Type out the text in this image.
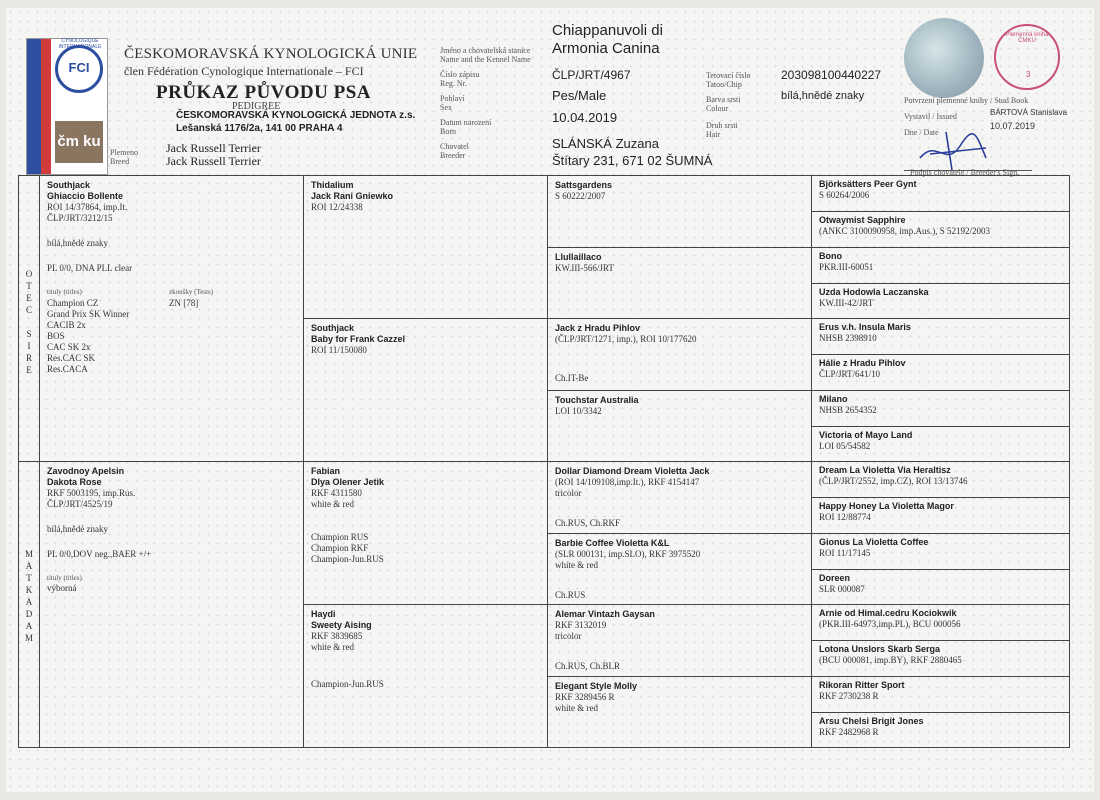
CYNOLOGIQUE INTERNATIONALE
FCI
čm ku
ČESKOMORAVSKÁ KYNOLOGICKÁ UNIE
člen Fédération Cynologique Internationale – FCI
PRŮKAZ PŮVODU PSA
PEDIGREE
ČESKOMORAVSKÁ KYNOLOGICKÁ JEDNOTA z.s.
Lešanská 1176/2a, 141 00 PRAHA 4
Plemeno
Breed
Jack Russell Terrier
Jack Russell Terrier
Jméno a chovatelská stanice
Name and the Kennel Name
Číslo zápisu
Reg. Nr.
Pohlaví
Sex
Datum narození
Born
Chovatel
Breeder
Chiappanuvoli di
Armonia Canina
ČLP/JRT/4967
Pes/Male
10.04.2019
SLÁNSKÁ Zuzana
Štítary 231, 671 02 ŠUMNÁ
Tetovací číslo
Tatoo/Chip
Barva srsti
Colour
Druh srsti
Hair
203098100440227
bílá,hnědé znaky
Plemenná kniha ČMKU
3
Potvrzení plemenné knihy / Stud Book
Vystavil / Issued	BÁRTOVÁ Stanislava
10.07.2019
Dne / Date
Podpis chovatele / Breeder's Sign.
O
T
E
C
S
I
R
E
M
A
T
K
A
D
A
M
Southjack
Ghiaccio Bollente
ROI 14/37864, imp.It.
ČLP/JRT/3212/15
bílá,hnědé znaky
PL 0/0, DNA PLL clear
tituly (titles)	zkoušky (Tests)
ZN [78]
Champion CZ
Grand Prix SK Winner
CACIB 2x
BOS
CAC SK 2x
Res.CAC SK
Res.CACA
Zavodnoy Apelsin
Dakota Rose
RKF 5003195, imp.Rus.
ČLP/JRT/4525/19
bílá,hnědé znaky
PL 0/0,DOV neg.,BAER +/+
tituly (titles)
výborná
Thidalium
Jack Rani Gniewko
ROI 12/24338
Southjack
Baby for Frank Cazzel
ROI 11/150080
Fabian
Dlya Olener Jetik
RKF 4311580
white & red
Champion RUS
Champion RKF
Champion-Jun.RUS
Haydi
Sweety Aising
RKF 3839685
white & red
Champion-Jun.RUS
Sattsgardens
S 60222/2007
Llullaillaco
KW.III-566/JRT
Jack z Hradu Pihlov
(ČLP/JRT/1271, imp.), ROI 10/177620
Ch.IT-Be
Touchstar Australia
LOI 10/3342
Dollar Diamond Dream Violetta Jack
(ROI 14/109108,imp.It.), RKF 4154147
tricolor
Ch.RUS, Ch.RKF
Barbie Coffee Violetta K&L
(SLR 000131, imp.SLO), RKF 3975520
white & red
Ch.RUS
Alemar Vintazh Gaysan
RKF 3132019
tricolor
Ch.RUS, Ch.BLR
Elegant Style Molly
RKF 3289456 R
white & red
Björksätters Peer Gynt
S 60264/2006
Otwaymist Sapphire
(ANKC 3100090958, imp.Aus.), S 52192/2003
Bono
PKR.III-60051
Uzda Hodowla Laczanska
KW.III-42/JRT
Erus v.h. Insula Maris
NHSB 2398910
Hálie z Hradu Pihlov
ČLP/JRT/641/10
Milano
NHSB 2654352
Victoria of Mayo Land
LOI 05/54582
Dream La Violetta Via Heraltisz
(ČLP/JRT/2552, imp.CZ), ROI 13/13746
Happy Honey La Violetta Magor
ROI 12/88774
Gionus La Violetta Coffee
ROI 11/17145
Doreen
SLR 000087
Arnie od Himal.cedru Kociokwik
(PKR.III-64973,imp.PL), BCU 000056
Lotona Unslors Skarb Serga
(BCU 000081, imp.BY), RKF 2880465
Rikoran Ritter Sport
RKF 2730238 R
Arsu Chelsi Brigit Jones
RKF 2482968 R
